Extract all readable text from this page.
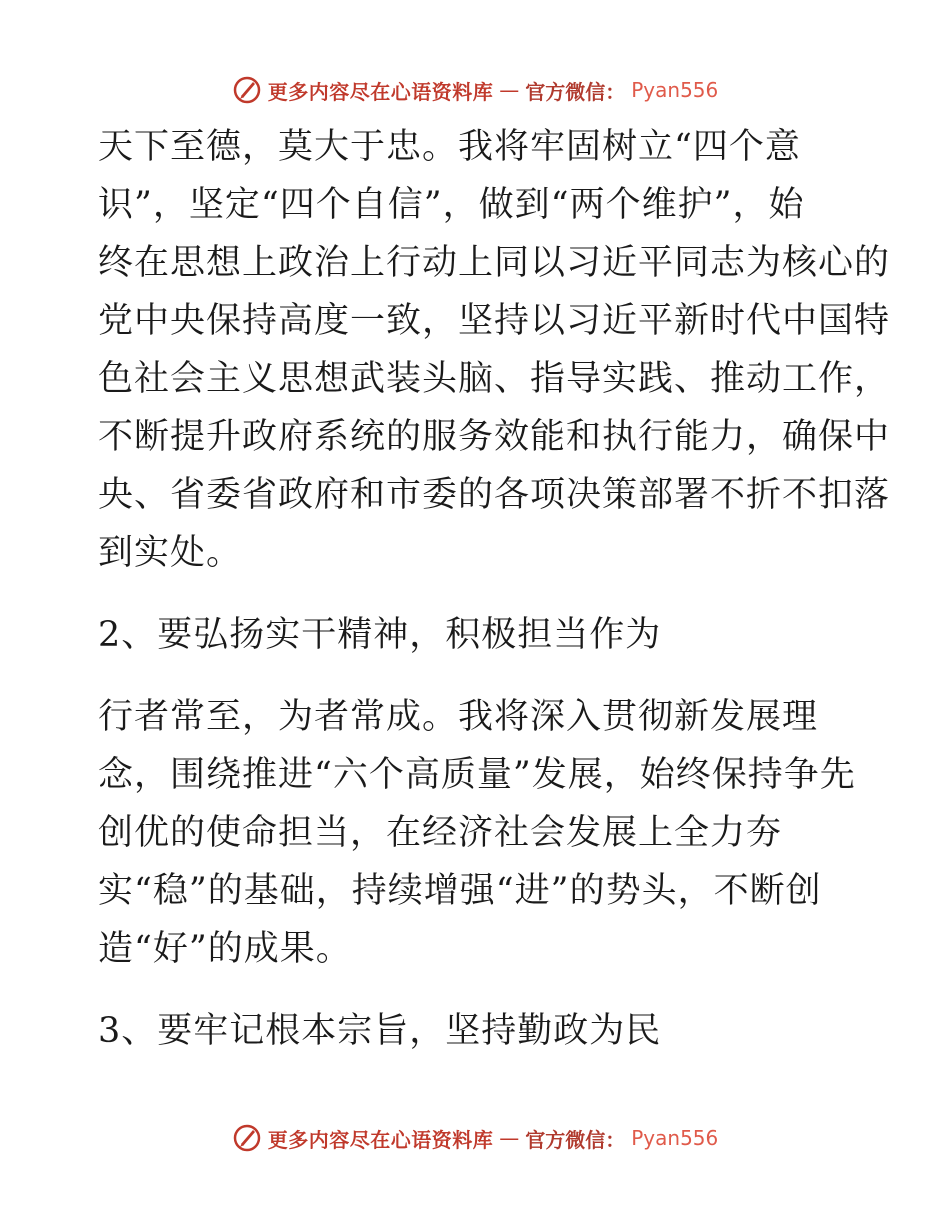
更多内容尽在心语资料库 — 官方微信： Pyan556
天下至德，莫大于忠。我将牢固树立“四个意
识”，坚定“四个自信”，做到“两个维护”，始
终在思想上政治上行动上同以习近平同志为核心的
党中央保持高度一致，坚持以习近平新时代中国特
色社会主义思想武装头脑、指导实践、推动工作，
不断提升政府系统的服务效能和执行能力，确保中
央、省委省政府和市委的各项决策部署不折不扣落
到实处。
2、要弘扬实干精神，积极担当作为
行者常至，为者常成。我将深入贯彻新发展理
念，围绕推进“六个高质量”发展，始终保持争先
创优的使命担当，在经济社会发展上全力夯
实“稳”的基础，持续增强“进”的势头，不断创
造“好”的成果。
3、要牢记根本宗旨，坚持勤政为民
更多内容尽在心语资料库 — 官方微信： Pyan556
